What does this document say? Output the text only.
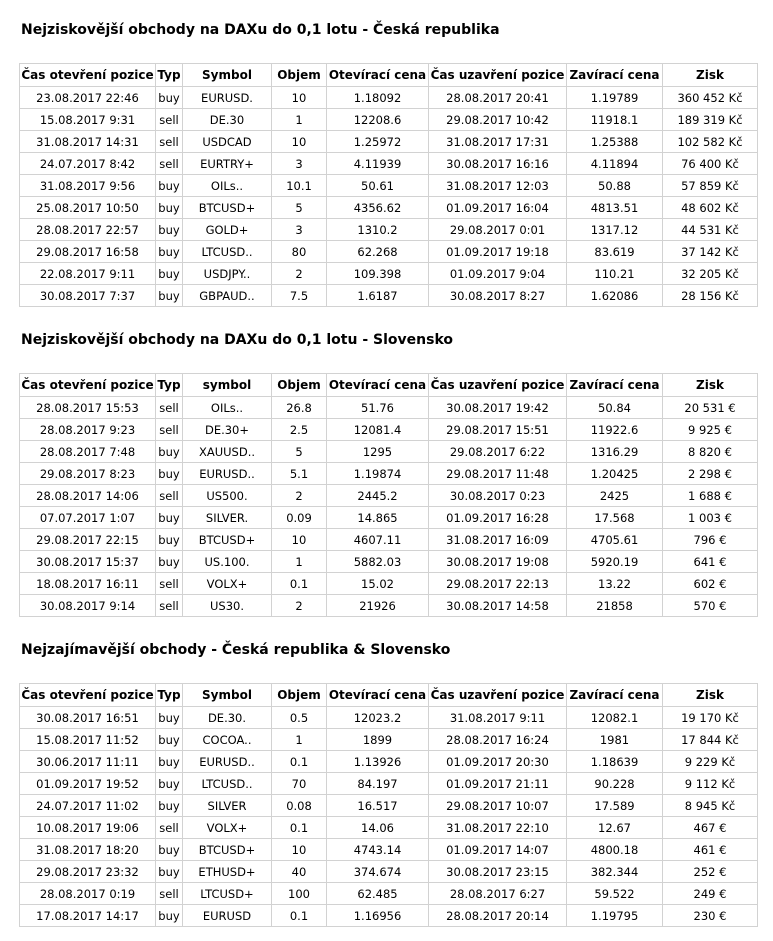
Nejziskovější obchody na DAXu do 0,1 lotu - Česká republika
Čas otevření pozice	Typ	Symbol	Objem	Otevírací cena	Čas uzavření pozice	Zavírací cena	Zisk
23.08.2017 22:46	buy	EURUSD.	10	1.18092	28.08.2017 20:41	1.19789	360 452 Kč
15.08.2017 9:31	sell	DE.30	1	12208.6	29.08.2017 10:42	11918.1	189 319 Kč
31.08.2017 14:31	sell	USDCAD	10	1.25972	31.08.2017 17:31	1.25388	102 582 Kč
24.07.2017 8:42	sell	EURTRY+	3	4.11939	30.08.2017 16:16	4.11894	76 400 Kč
31.08.2017 9:56	buy	OILs..	10.1	50.61	31.08.2017 12:03	50.88	57 859 Kč
25.08.2017 10:50	buy	BTCUSD+	5	4356.62	01.09.2017 16:04	4813.51	48 602 Kč
28.08.2017 22:57	buy	GOLD+	3	1310.2	29.08.2017 0:01	1317.12	44 531 Kč
29.08.2017 16:58	buy	LTCUSD..	80	62.268	01.09.2017 19:18	83.619	37 142 Kč
22.08.2017 9:11	buy	USDJPY..	2	109.398	01.09.2017 9:04	110.21	32 205 Kč
30.08.2017 7:37	buy	GBPAUD..	7.5	1.6187	30.08.2017 8:27	1.62086	28 156 Kč
Nejziskovější obchody na DAXu do 0,1 lotu - Slovensko
Čas otevření pozice	Typ	symbol	Objem	Otevírací cena	Čas uzavření pozice	Zavírací cena	Zisk
28.08.2017 15:53	sell	OILs..	26.8	51.76	30.08.2017 19:42	50.84	20 531 €
28.08.2017 9:23	sell	DE.30+	2.5	12081.4	29.08.2017 15:51	11922.6	9 925 €
28.08.2017 7:48	buy	XAUUSD..	5	1295	29.08.2017 6:22	1316.29	8 820 €
29.08.2017 8:23	buy	EURUSD..	5.1	1.19874	29.08.2017 11:48	1.20425	2 298 €
28.08.2017 14:06	sell	US500.	2	2445.2	30.08.2017 0:23	2425	1 688 €
07.07.2017 1:07	buy	SILVER.	0.09	14.865	01.09.2017 16:28	17.568	1 003 €
29.08.2017 22:15	buy	BTCUSD+	10	4607.11	31.08.2017 16:09	4705.61	796 €
30.08.2017 15:37	buy	US.100.	1	5882.03	30.08.2017 19:08	5920.19	641 €
18.08.2017 16:11	sell	VOLX+	0.1	15.02	29.08.2017 22:13	13.22	602 €
30.08.2017 9:14	sell	US30.	2	21926	30.08.2017 14:58	21858	570 €
Nejzajímavější obchody - Česká republika & Slovensko
Čas otevření pozice	Typ	Symbol	Objem	Otevírací cena	Čas uzavření pozice	Zavírací cena	Zisk
30.08.2017 16:51	buy	DE.30.	0.5	12023.2	31.08.2017 9:11	12082.1	19 170 Kč
15.08.2017 11:52	buy	COCOA..	1	1899	28.08.2017 16:24	1981	17 844 Kč
30.06.2017 11:11	buy	EURUSD..	0.1	1.13926	01.09.2017 20:30	1.18639	9 229 Kč
01.09.2017 19:52	buy	LTCUSD..	70	84.197	01.09.2017 21:11	90.228	9 112 Kč
24.07.2017 11:02	buy	SILVER	0.08	16.517	29.08.2017 10:07	17.589	8 945 Kč
10.08.2017 19:06	sell	VOLX+	0.1	14.06	31.08.2017 22:10	12.67	467 €
31.08.2017 18:20	buy	BTCUSD+	10	4743.14	01.09.2017 14:07	4800.18	461 €
29.08.2017 23:32	buy	ETHUSD+	40	374.674	30.08.2017 23:15	382.344	252 €
28.08.2017 0:19	sell	LTCUSD+	100	62.485	28.08.2017 6:27	59.522	249 €
17.08.2017 14:17	buy	EURUSD	0.1	1.16956	28.08.2017 20:14	1.19795	230 €
